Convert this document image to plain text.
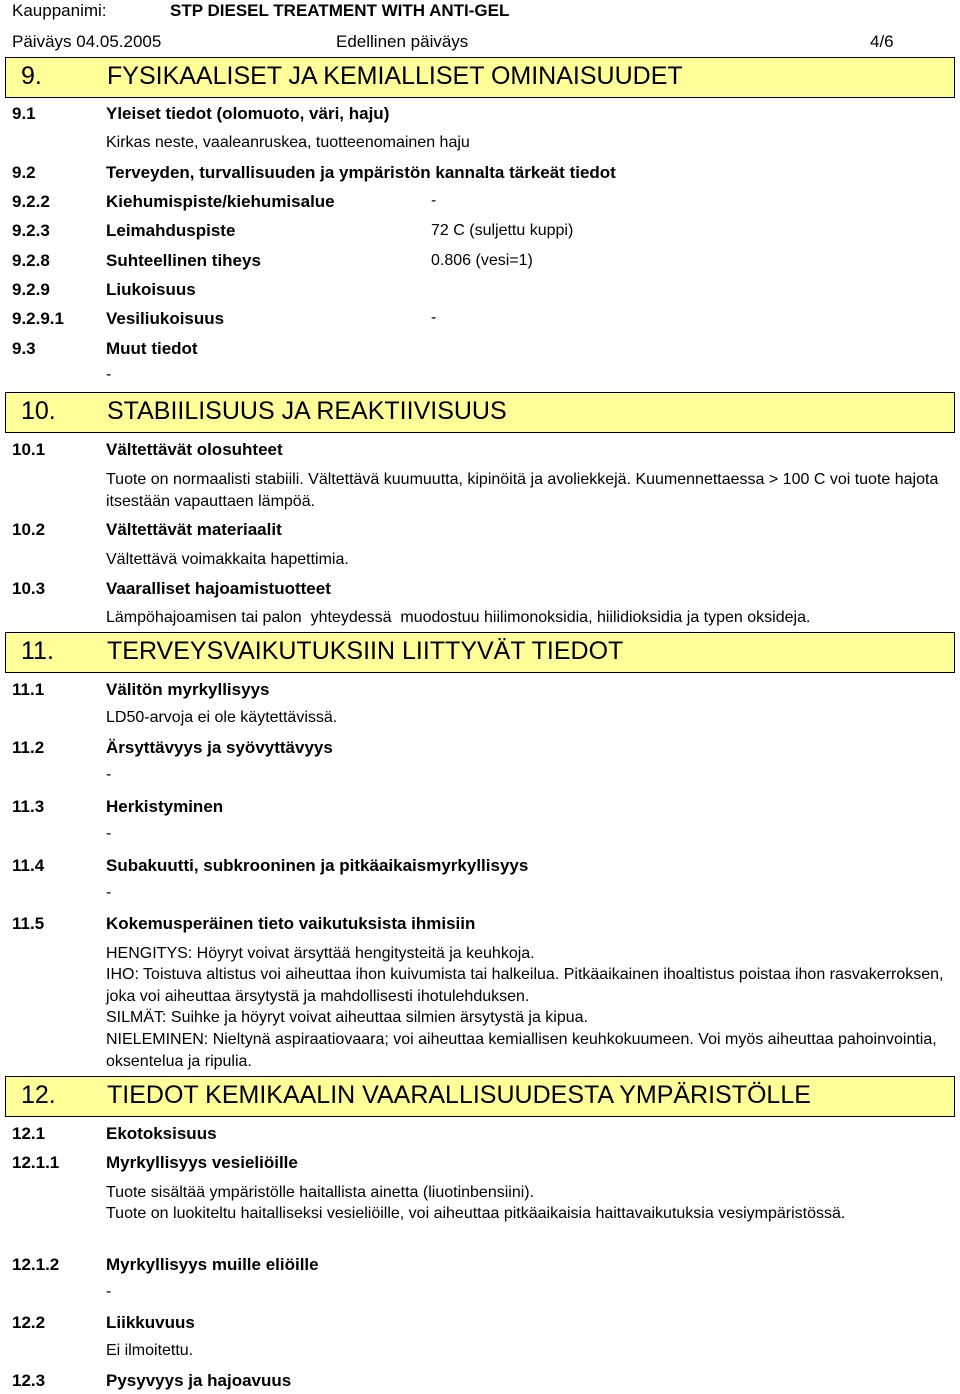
Kauppanimi:	STP DIESEL TREATMENT WITH ANTI-GEL
Päiväys 04.05.2005	Edellinen päiväys	4/6
9.	FYSIKAALISET JA KEMIALLISET OMINAISUUDET
9.1	Yleiset tiedot (olomuoto, väri, haju)
Kirkas neste, vaaleanruskea, tuotteenomainen haju
9.2	Terveyden, turvallisuuden ja ympäristön kannalta tärkeät tiedot
9.2.2	Kiehumispiste/kiehumisalue	-
9.2.3	Leimahduspiste	72 C (suljettu kuppi)
9.2.8	Suhteellinen tiheys	0.806 (vesi=1)
9.2.9	Liukoisuus
9.2.9.1 Vesiliukoisuus	-
9.3	Muut tiedot
-
10. STABIILISUUS JA REAKTIIVISUUS
10.1	Vältettävät olosuhteet
Tuote on normaalisti stabiili. Vältettävä kuumuutta, kipinöitä ja avoliekkejä. Kuumennettaessa > 100 C voi tuote hajota itsestään vapauttaen lämpöä.
10.2	Vältettävät materiaalit
Vältettävä voimakkaita hapettimia.
10.3	Vaaralliset hajoamistuotteet
Lämpöhajoamisen tai palon  yhteydessä  muodostuu hiilimonoksidia, hiilidioksidia ja typen oksideja.
11. TERVEYSVAIKUTUKSIIN LIITTYVÄT TIEDOT
11.1	Välitön myrkyllisyys
LD50-arvoja ei ole käytettävissä.
11.2	Ärsyttävyys ja syövyttävyys
-
11.3	Herkistyminen
-
11.4	Subakuutti, subkrooninen ja pitkäaikaismyrkyllisyys
-
11.5	Kokemusperäinen tieto vaikutuksista ihmisiin
HENGITYS: Höyryt voivat ärsyttää hengitysteitä ja keuhkoja.
IHO: Toistuva altistus voi aiheuttaa ihon kuivumista tai halkeilua. Pitkäaikainen ihoaltistus poistaa ihon rasvakerroksen, joka voi aiheuttaa ärsytystä ja mahdollisesti ihotulehduksen.
SILMÄT: Suihke ja höyryt voivat aiheuttaa silmien ärsytystä ja kipua.
NIELEMINEN: Nieltynä aspiraatiovaara; voi aiheuttaa kemiallisen keuhkokuumeen. Voi myös aiheuttaa pahoinvointia, oksentelua ja ripulia.
12. TIEDOT KEMIKAALIN VAARALLISUUDESTA YMPÄRISTÖLLE
12.1	Ekotoksisuus
12.1.1	Myrkyllisyys vesieliöille
Tuote sisältää ympäristölle haitallista ainetta (liuotinbensiini).
Tuote on luokiteltu haitalliseksi vesieliöille, voi aiheuttaa pitkäaikaisia haittavaikutuksia vesiympäristössä.
12.1.2	Myrkyllisyys muille eliöille
-
12.2	Liikkuvuus
Ei ilmoitettu.
12.3	Pysyvyys ja hajoavuus
